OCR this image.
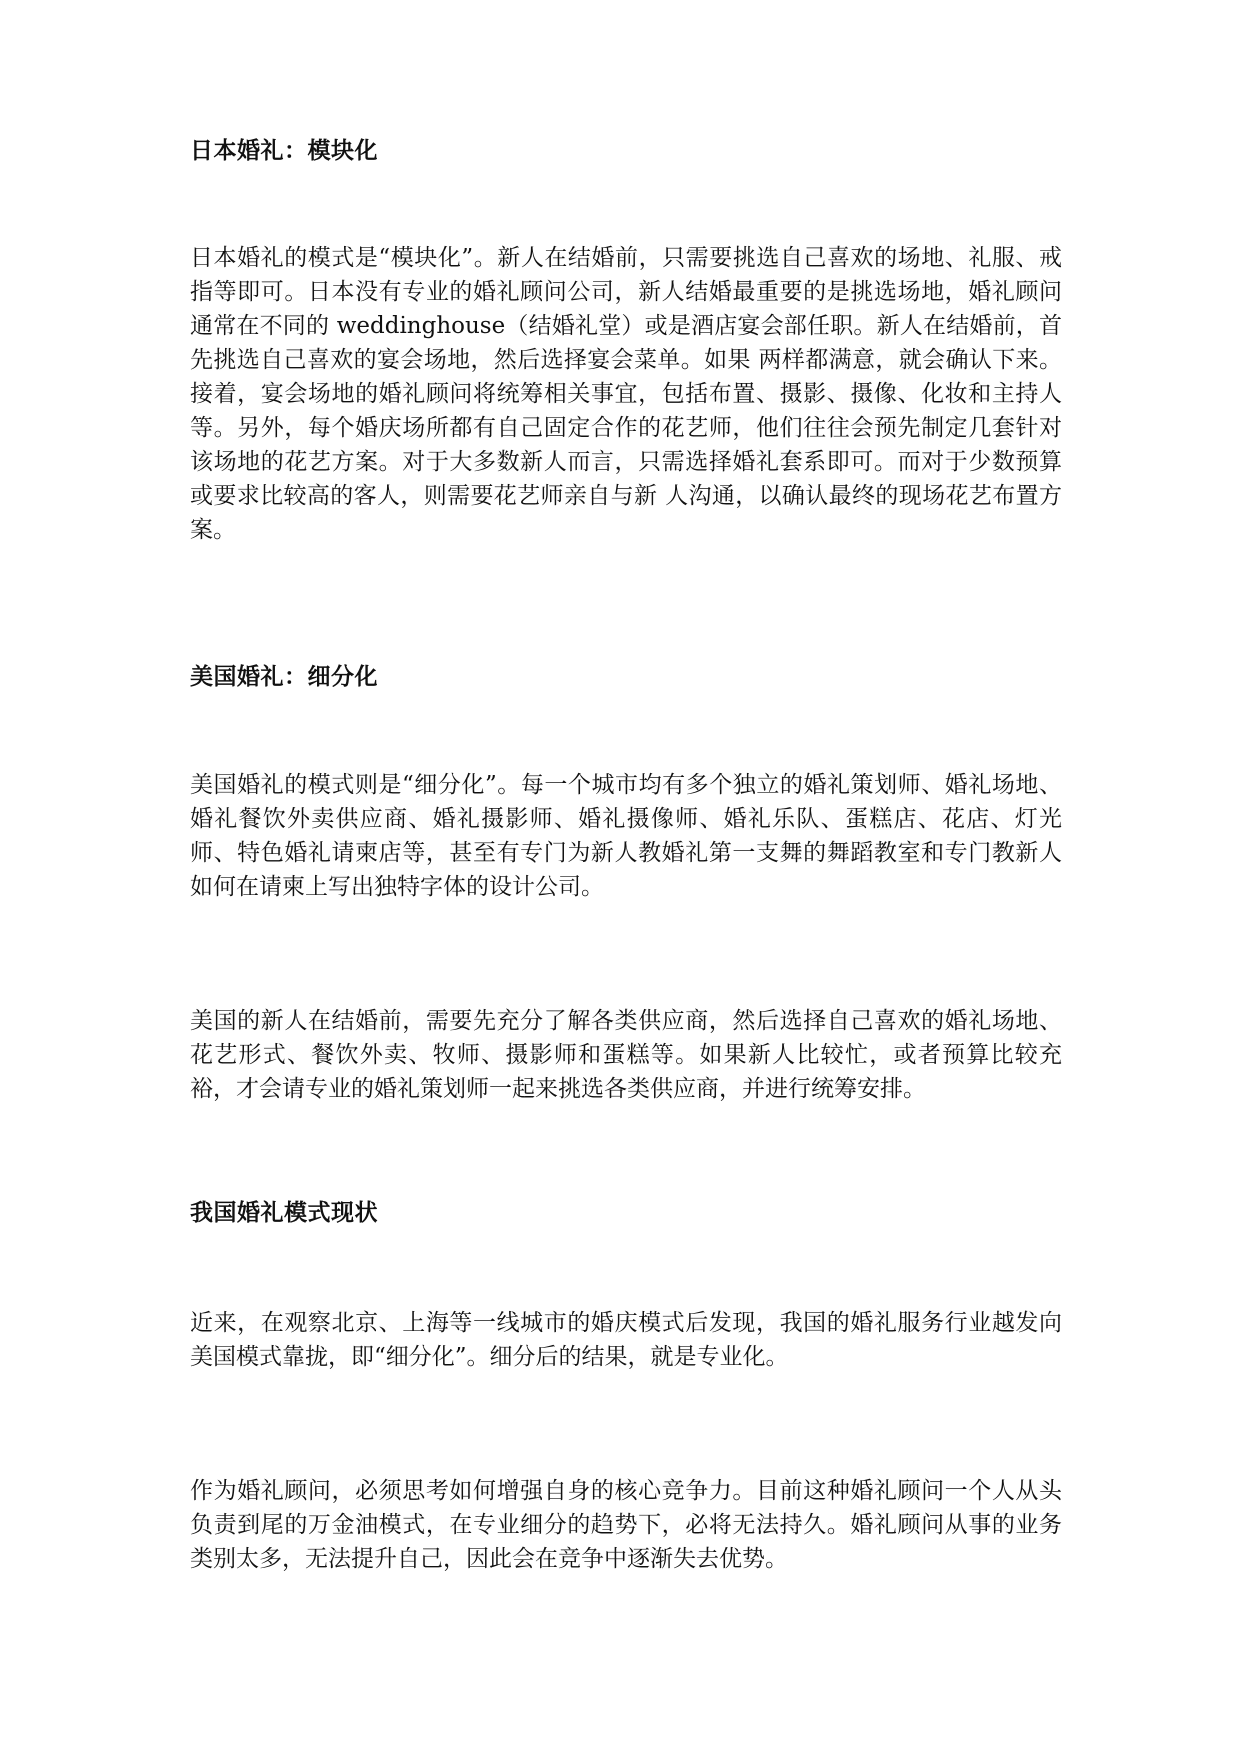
日本婚礼：模块化

日本婚礼的模式是“模块化”。新人在结婚前，只需要挑选自己喜欢的场地、礼服、戒指等即可。日本没有专业的婚礼顾问公司，新人结婚最重要的是挑选场地，婚礼顾问通常在不同的 weddinghouse（结婚礼堂）或是酒店宴会部任职。新人在结婚前，首先挑选自己喜欢的宴会场地，然后选择宴会菜单。如果 两样都满意，就会确认下来。接着，宴会场地的婚礼顾问将统筹相关事宜，包括布置、摄影、摄像、化妆和主持人等。另外，每个婚庆场所都有自己固定合作的花艺师，他们往往会预先制定几套针对该场地的花艺方案。对于大多数新人而言，只需选择婚礼套系即可。而对于少数预算或要求比较高的客人，则需要花艺师亲自与新 人沟通，以确认最终的现场花艺布置方案。

美国婚礼：细分化

美国婚礼的模式则是“细分化”。每一个城市均有多个独立的婚礼策划师、婚礼场地、婚礼餐饮外卖供应商、婚礼摄影师、婚礼摄像师、婚礼乐队、蛋糕店、花店、灯光师、特色婚礼请柬店等，甚至有专门为新人教婚礼第一支舞的舞蹈教室和专门教新人如何在请柬上写出独特字体的设计公司。

美国的新人在结婚前，需要先充分了解各类供应商，然后选择自己喜欢的婚礼场地、花艺形式、餐饮外卖、牧师、摄影师和蛋糕等。如果新人比较忙，或者预算比较充裕，才会请专业的婚礼策划师一起来挑选各类供应商，并进行统筹安排。

我国婚礼模式现状

近来，在观察北京、上海等一线城市的婚庆模式后发现，我国的婚礼服务行业越发向美国模式靠拢，即“细分化”。细分后的结果，就是专业化。

作为婚礼顾问，必须思考如何增强自身的核心竞争力。目前这种婚礼顾问一个人从头负责到尾的万金油模式，在专业细分的趋势下，必将无法持久。婚礼顾问从事的业务类别太多，无法提升自己，因此会在竞争中逐渐失去优势。
